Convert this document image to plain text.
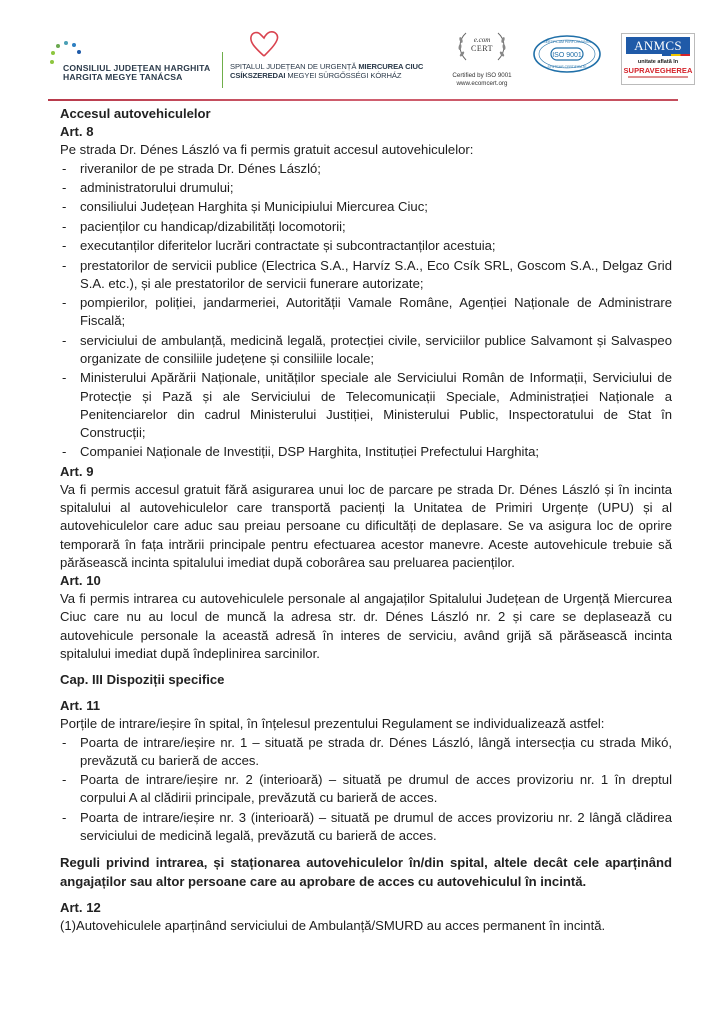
CONSILIUL JUDEȚEAN HARGHITA
HARGITA MEGYE TANÁCSA
SPITALUL JUDEȚEAN DE URGENȚĂ MIERCUREA CIUC
CSÍKSZEREDAI MEGYEI SÜRGŐSSÉGI KÓRHÁZ
e.com
CERT
Certified by ISO 9001
www.ecomcert.org
ISO 9001
CERTIFICAM PERFORMANTA
SYSTEMS CERTIFICATE
ANMCS
unitate aflată în
SUPRAVEGHEREA
Accesul autovehiculelor
Art. 8

Pe strada Dr. Dénes László va fi permis gratuit accesul autovehiculelor:

- riveranilor de pe strada Dr. Dénes László;
- administratorului drumului;
- consiliului Județean Harghita și Municipiului Miercurea Ciuc;
- pacienților cu handicap/dizabilități locomotorii;
- executanților diferitelor lucrări contractate și subcontractanților acestuia;
- prestatorilor de servicii publice (Electrica S.A., Harvíz S.A., Eco Csík SRL, Goscom S.A., Delgaz Grid S.A. etc.), și ale prestatorilor de servicii funerare autorizate;
- pompierilor, poliției, jandarmeriei, Autorității Vamale Române, Agenției Naționale de Administrare Fiscală;
- serviciului de ambulanță, medicină legală, protecției civile, serviciilor publice Salvamont și Salvaspeo organizate de consiliile județene și consiliile locale;
- Ministerului Apărării Naționale, unităților speciale ale Serviciului Român de Informații, Serviciului de Protecție și Pază și ale Serviciului de Telecomunicații Speciale, Administrației Naționale a Penitenciarelor din cadrul Ministerului Justiției, Ministerului Public, Inspectoratului de Stat în Construcții;
- Companiei Naționale de Investiții, DSP Harghita, Instituției Prefectului Harghita;
Art. 9

Va fi permis accesul gratuit fără asigurarea unui loc de parcare pe strada Dr. Dénes László și în incinta spitalului al autovehiculelor care transportă pacienți la Unitatea de Primiri Urgențe (UPU) și al autovehiculelor care aduc sau preiau persoane cu dificultăți de deplasare. Se va asigura loc de oprire temporară în fața intrării principale pentru efectuarea acestor manevre. Aceste autovehicule trebuie să părăsească incinta spitalului imediat după coborârea sau preluarea pacienților.

Art. 10

Va fi permis intrarea cu autovehiculele personale al angajaților Spitalului Județean de Urgență Miercurea Ciuc care nu au locul de muncă la adresa str. dr. Dénes László nr. 2 și care se deplasează cu autovehicule personale la această adresă în interes de serviciu, având grijă să părăsească incinta spitalului imediat după îndeplinirea sarcinilor.

Cap. III Dispoziții specifice
Art. 11

Porțile de intrare/ieșire în spital, în înțelesul prezentului Regulament se individualizează astfel:

- Poarta de intrare/ieșire nr. 1 – situată pe strada dr. Dénes László, lângă intersecția cu strada Mikó, prevăzută cu barieră de acces.
- Poarta de intrare/ieșire nr. 2 (interioară) – situată pe drumul de acces provizoriu nr. 1 în dreptul corpului A al clădirii principale, prevăzută cu barieră de acces.
- Poarta de intrare/ieșire nr. 3 (interioară) – situată pe drumul de acces provizoriu nr. 2 lângă clădirea serviciului de medicină legală, prevăzută cu barieră de acces.

Reguli privind intrarea, și staționarea autovehiculelor în/din spital, altele decât cele aparținând angajaților sau altor persoane care au aprobare de acces cu autovehiculul în incintă.

Art. 12

(1)Autovehiculele aparținând serviciului de Ambulanță/SMURD au acces permanent în incintă.
